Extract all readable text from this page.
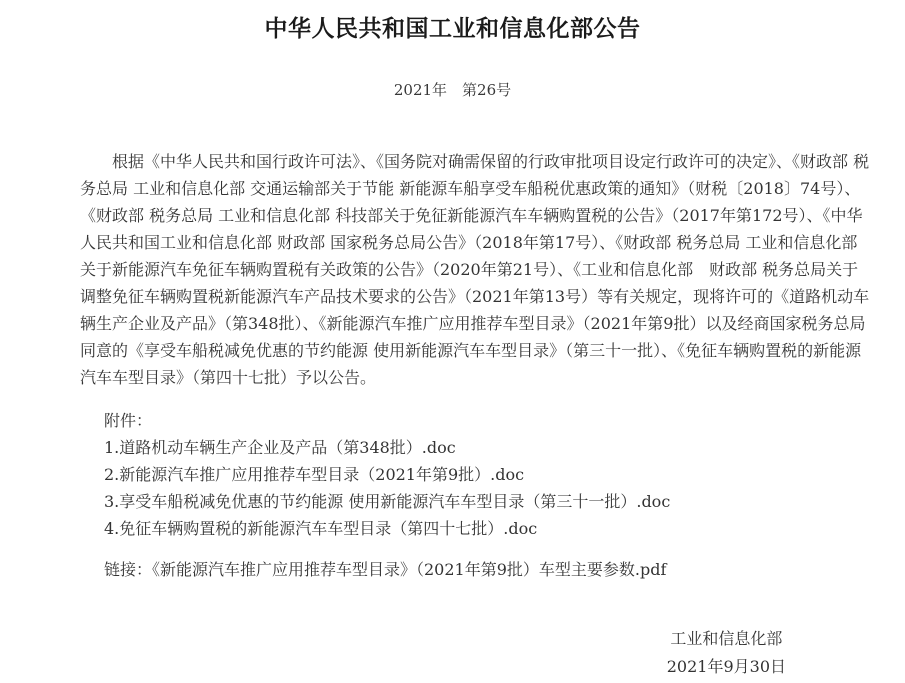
中华人民共和国工业和信息化部公告
2021年　第26号

根据《中华人民共和国行政许可法》、《国务院对确需保留的行政审批项目设定行政许可的决定》、《财政部 税务总局 工业和信息化部 交通运输部关于节能 新能源车船享受车船税优惠政策的通知》（财税〔2018〕74号）、《财政部 税务总局 工业和信息化部 科技部关于免征新能源汽车车辆购置税的公告》（2017年第172号）、《中华人民共和国工业和信息化部 财政部 国家税务总局公告》（2018年第17号）、《财政部 税务总局 工业和信息化部关于新能源汽车免征车辆购置税有关政策的公告》（2020年第21号）、《工业和信息化部　财政部 税务总局关于调整免征车辆购置税新能源汽车产品技术要求的公告》（2021年第13号）等有关规定，现将许可的《道路机动车辆生产企业及产品》（第348批）、《新能源汽车推广应用推荐车型目录》（2021年第9批）以及经商国家税务总局同意的《享受车船税减免优惠的节约能源 使用新能源汽车车型目录》（第三十一批）、《免征车辆购置税的新能源汽车车型目录》（第四十七批）予以公告。

附件：
1.道路机动车辆生产企业及产品（第348批）.doc
2.新能源汽车推广应用推荐车型目录（2021年第9批）.doc
3.享受车船税减免优惠的节约能源 使用新能源汽车车型目录（第三十一批）.doc
4.免征车辆购置税的新能源汽车车型目录（第四十七批）.doc
链接：《新能源汽车推广应用推荐车型目录》（2021年第9批）车型主要参数.pdf
工业和信息化部
2021年9月30日
